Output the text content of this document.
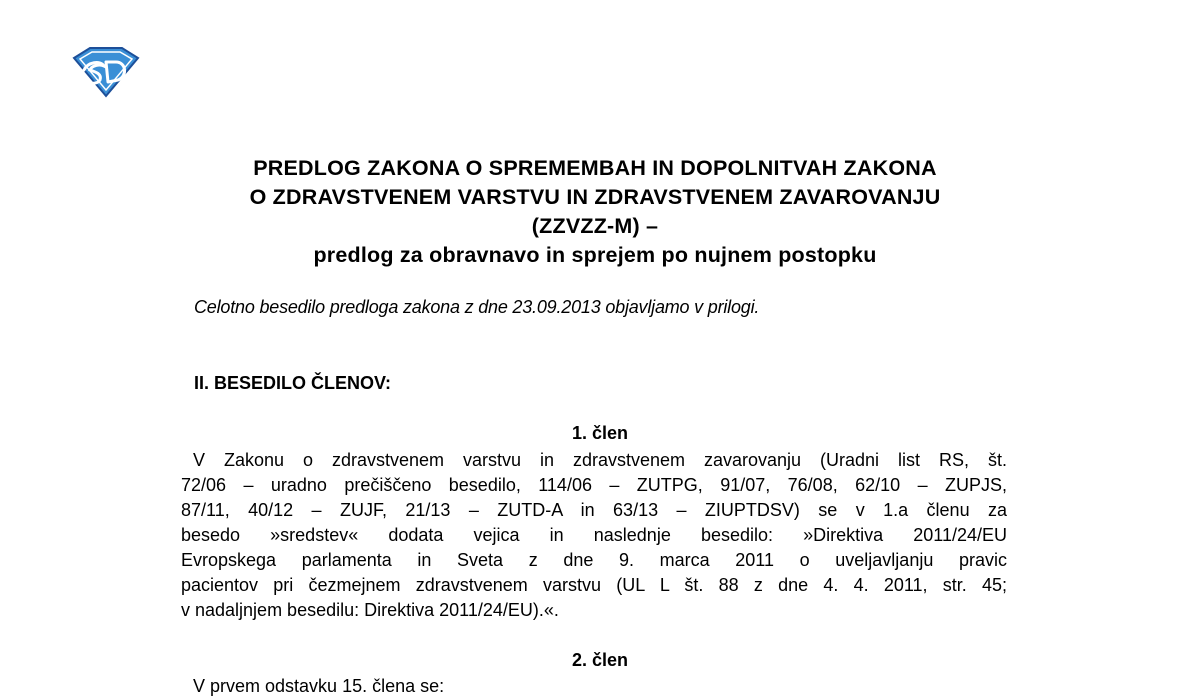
PREDLOG ZAKONA O SPREMEMBAH IN DOPOLNITVAH ZAKONA
O ZDRAVSTVENEM VARSTVU IN ZDRAVSTVENEM ZAVAROVANJU
(ZZVZZ-M) –
predlog za obravnavo in sprejem po nujnem postopku
Celotno besedilo predloga zakona z dne 23.09.2013 objavljamo v prilogi.
II. BESEDILO ČLENOV:
1. člen
V Zakonu o zdravstvenem varstvu in zdravstvenem zavarovanju (Uradni list RS, št.
72/06 – uradno prečiščeno besedilo, 114/06 – ZUTPG, 91/07, 76/08, 62/10 – ZUPJS,
87/11, 40/12 – ZUJF, 21/13 – ZUTD-A in 63/13 – ZIUPTDSV) se v 1.a členu za
besedo »sredstev« dodata vejica in naslednje besedilo: »Direktiva 2011/24/EU
Evropskega parlamenta in Sveta z dne 9. marca 2011 o uveljavljanju pravic
pacientov pri čezmejnem zdravstvenem varstvu (UL L št. 88 z dne 4. 4. 2011, str. 45;
v nadaljnjem besedilu: Direktiva 2011/24/EU).«.
2. člen
V prvem odstavku 15. člena se:
